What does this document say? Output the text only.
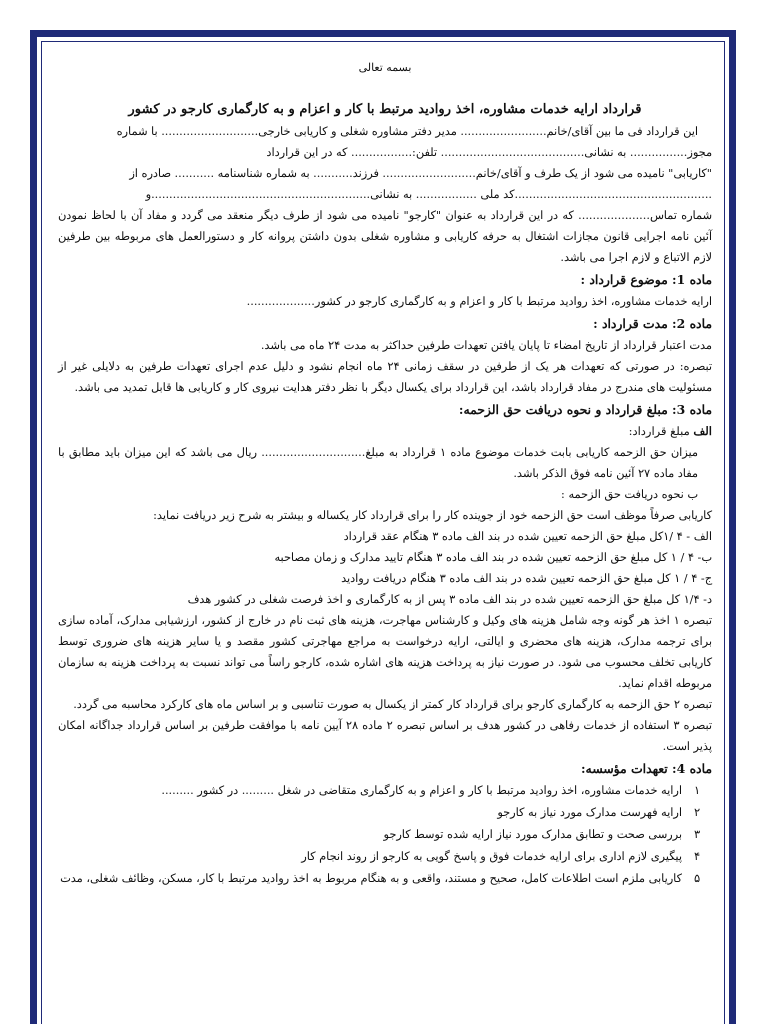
بسمه تعالی
قرارداد ارایه خدمات مشاوره، اخذ روادید مرتبط با کار و اعزام و به کارگماری کارجو در کشور

این قرارداد فی ما بین آقای/خانم........................ مدیر دفتر مشاوره شغلی و کاریابی خارجی........................... با شماره

مجوز................ به نشانی........................................ تلفن:................. که در این قرارداد

"کاریابی" نامیده می شود از یک طرف و آقای/خانم.......................... فرزند........... به شماره شناسنامه ........... صادره از

.......................................................کد ملی ................. به نشانی.............................................................و

شماره تماس.................... که در این قرارداد به عنوان "کارجو" نامیده می شود از طرف دیگر منعقد می گردد و مفاد آن با لحاظ نمودن آئین نامه اجرایی قانون مجازات اشتغال به حرفه کاریابی و مشاوره شغلی بدون داشتن پروانه کار و دستورالعمل های مربوطه بین طرفین لازم الاتباع و لازم اجرا می باشد.

ماده 1: موضوع قرارداد :

ارایه خدمات مشاوره، اخذ روادید مرتبط با کار و اعزام و به کارگماری کارجو در کشور...................

ماده 2: مدت قرارداد :

مدت اعتبار قرارداد از تاریخ امضاء تا پایان یافتن تعهدات طرفین حداکثر به مدت ۲۴ ماه می باشد.

تبصره: در صورتی که تعهدات هر یک از طرفین در سقف زمانی ۲۴ ماه انجام نشود و دلیل عدم اجرای تعهدات طرفین به دلایلی غیر از مسئولیت های مندرج در مفاد قرارداد باشد، این قرارداد برای یکسال دیگر با نظر دفتر هدایت نیروی کار و کاریابی ها قابل تمدید می باشد.

ماده 3: مبلغ قرارداد و نحوه دریافت حق الزحمه:

الف مبلغ قرارداد:

میزان حق الزحمه کاریابی بابت خدمات موضوع ماده ۱ قرارداد به مبلغ............................. ریال می باشد که این میزان باید مطابق با مفاد ماده ۲۷ آئین نامه فوق الذکر باشد.

ب نحوه دریافت حق الزحمه :

کاریابی صرفاً موظف است حق الزحمه خود از جوینده کار را برای قرارداد کار یکساله و بیشتر به شرح زیر دریافت نماید:

الف - ۴ /۱کل مبلغ حق الزحمه تعیین شده در بند الف ماده ۳ هنگام عقد قرارداد

ب- ۴ / ۱ کل مبلغ حق الزحمه تعیین شده در بند الف ماده ۳ هنگام تایید مدارک و زمان مصاحبه

ج- ۴ / ۱ کل مبلغ حق الزحمه تعیین شده در بند الف ماده ۳ هنگام دریافت روادید

د- ۱/۴ کل مبلغ حق الزحمه تعیین شده در بند الف ماده ۳ پس از به کارگماری و اخذ فرصت شغلی در کشور هدف

تبصره ۱ اخذ هر گونه وجه شامل هزینه های وکیل و کارشناس مهاجرت، هزینه های ثبت نام در خارج از کشور، ارزشیابی مدارک، آماده سازی برای ترجمه مدارک، هزینه های محضری و ایالتی، ارایه درخواست به مراجع مهاجرتی کشور مقصد و یا سایر هزینه های ضروری توسط کاریابی تخلف محسوب می شود. در صورت نیاز به پرداخت هزینه های اشاره شده، کارجو راساً می تواند نسبت به پرداخت هزینه به سازمان مربوطه اقدام نماید.

تبصره ۲ حق الزحمه به کارگماری کارجو برای قرارداد کار کمتر از یکسال به صورت تناسبی و بر اساس ماه های کارکرد محاسبه می گردد.

تبصره ۳ استفاده از خدمات رفاهی در کشور هدف بر اساس تبصره ۲ ماده ۲۸ آیین نامه با موافقت طرفین بر اساس قرارداد جداگانه امکان پذیر است.

ماده 4: تعهدات مؤسسه:
۱
ارایه خدمات مشاوره، اخذ روادید مرتبط با کار و اعزام و به کارگماری متقاضی در شغل ......... در کشور .........
۲
ارایه فهرست مدارک مورد نیاز به کارجو
۳
بررسی صحت و تطابق مدارک مورد نیاز ارایه شده توسط کارجو
۴
پیگیری لازم اداری برای ارایه خدمات فوق و پاسخ گویی به کارجو از روند انجام کار
۵
کاریابی ملزم است اطلاعات کامل، صحیح و مستند، واقعی و به هنگام مربوط به اخذ روادید مرتبط با کار، مسکن، وظائف شغلی، مدت
